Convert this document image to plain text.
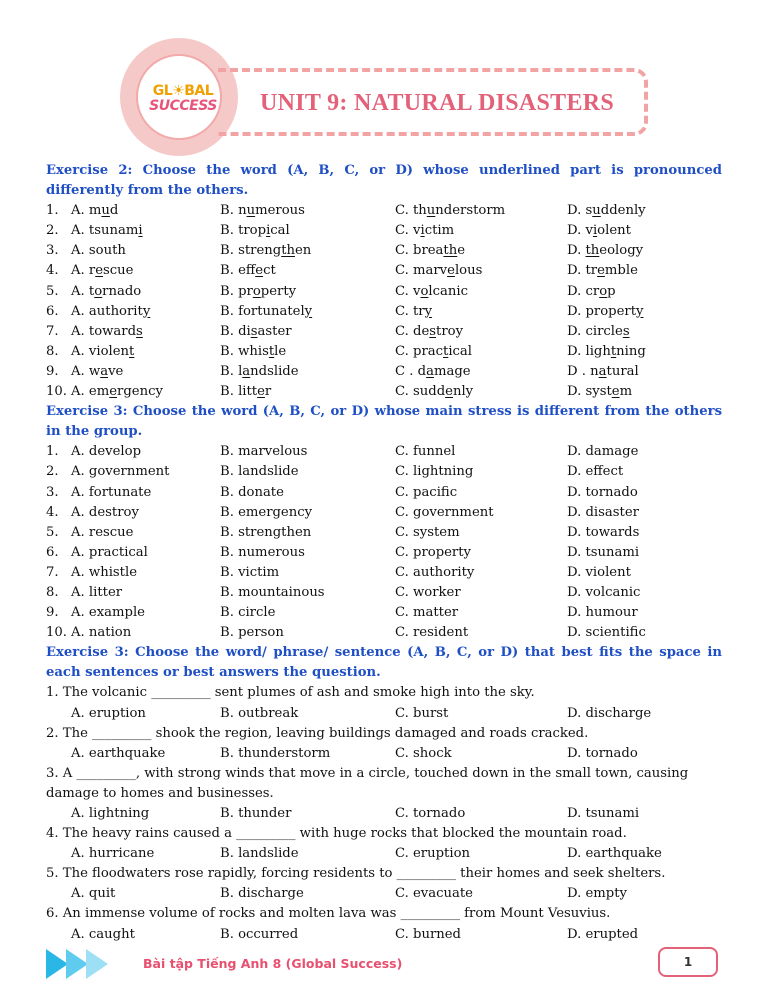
GL☀BAL
SUCCESS UNIT 9: NATURAL DISASTERS
Exercise 2: Choose the word (A, B, C, or D) whose underlined part is pronounced differently from the others.
1. A. mud	B. numerous	C. thunderstorm	D. suddenly
2. A. tsunami	B. tropical	C. victim	D. violent
3. A. south	B. strengthen	C. breathe	D. theology
4. A. rescue	B. effect	C. marvelous	D. tremble
5. A. tornado	B. property	C. volcanic	D. crop
6. A. authority	B. fortunately	C. try	D. property
7. A. towards	B. disaster	C. destroy	D. circles
8. A. violent	B. whistle	C. practical	D. lightning
9. A. wave	B. landslide	C . damage	D . natural
10. A. emergency	B. litter	C. suddenly	D. system
Exercise 3: Choose the word (A, B, C, or D) whose main stress is different from the others in the group.
1. A. develop	B. marvelous	C. funnel	D. damage
2. A. government	B. landslide	C. lightning	D. effect
3. A. fortunate	B. donate	C. pacific	D. tornado
4. A. destroy	B. emergency	C. government	D. disaster
5. A. rescue	B. strengthen	C. system	D. towards
6. A. practical	B. numerous	C. property	D. tsunami
7. A. whistle	B. victim	C. authority	D. violent
8. A. litter	B. mountainous	C. worker	D. volcanic
9. A. example	B. circle	C. matter	D. humour
10. A. nation	B. person	C. resident	D. scientific
Exercise 3: Choose the word/ phrase/ sentence (A, B, C, or D) that best fits the space in each sentences or best answers the question.
1. The volcanic _________ sent plumes of ash and smoke high into the sky.
A. eruption	B. outbreak	C. burst	D. discharge
2. The _________ shook the region, leaving buildings damaged and roads cracked.
A. earthquake	B. thunderstorm	C. shock	D. tornado
3. A _________, with strong winds that move in a circle, touched down in the small town, causing damage to homes and businesses.
A. lightning	B. thunder	C. tornado	D. tsunami
4. The heavy rains caused a _________ with huge rocks that blocked the mountain road.
A. hurricane	B. landslide	C. eruption	D. earthquake
5. The floodwaters rose rapidly, forcing residents to _________ their homes and seek shelters.
A. quit	B. discharge	C. evacuate	D. empty
6. An immense volume of rocks and molten lava was _________ from Mount Vesuvius.
A. caught	B. occurred	C. burned	D. erupted
Bài tập Tiếng Anh 8 (Global Success)	1
